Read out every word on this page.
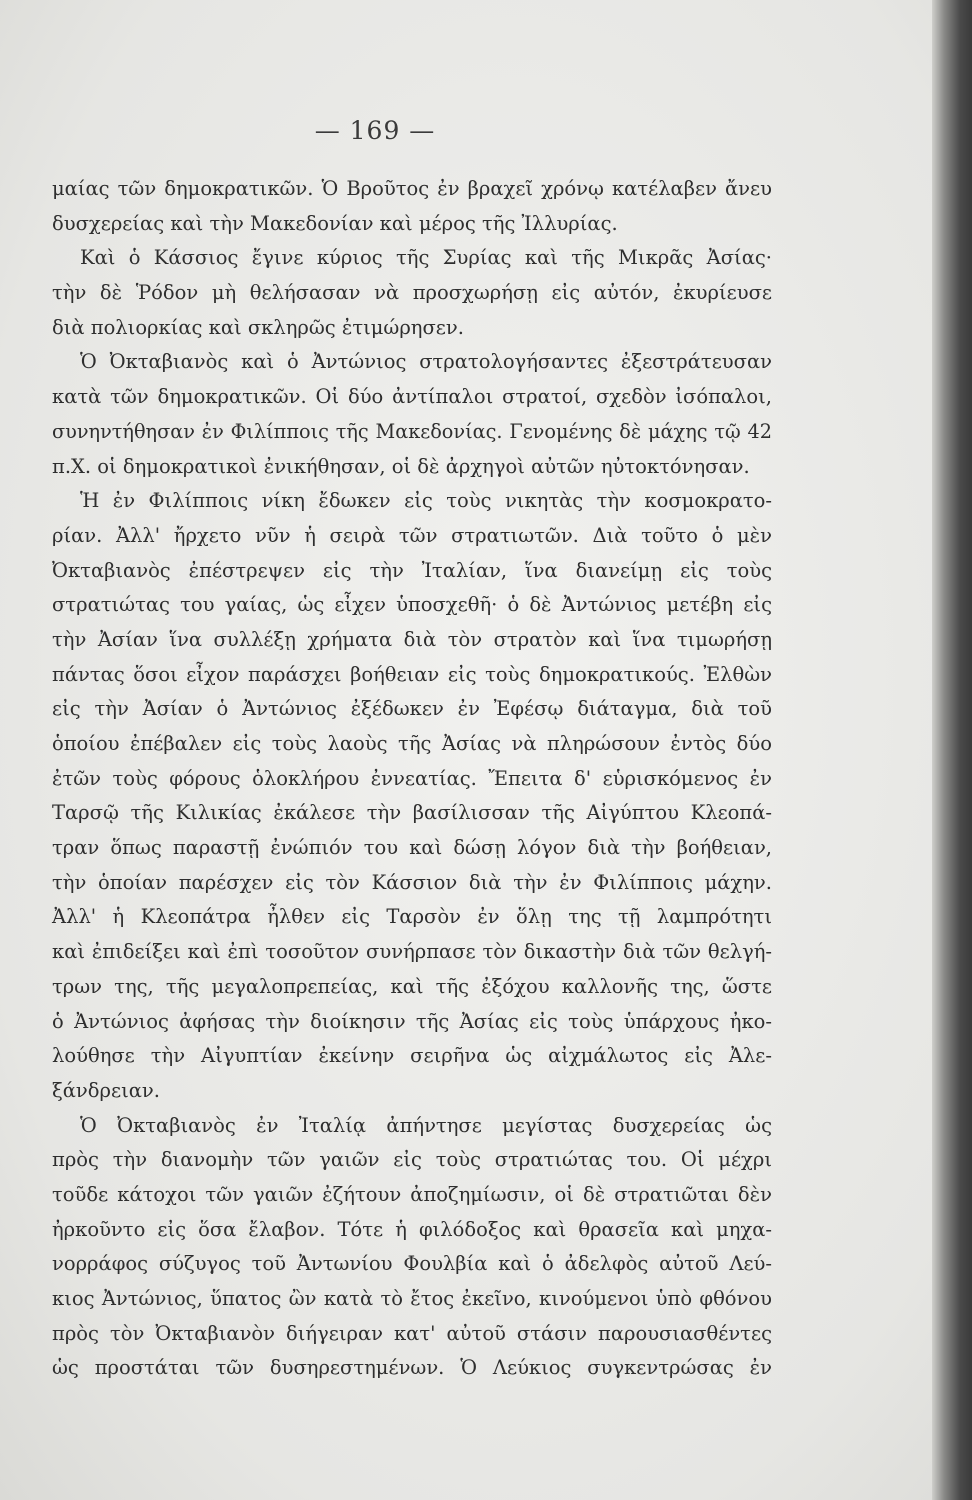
— 169 —
μαίας τῶν δημοκρατικῶν. Ὁ Βροῦτος ἐν βραχεῖ χρόνῳ κατέλαβεν ἄνευ
δυσχερείας καὶ τὴν Μακεδονίαν καὶ μέρος τῆς Ἰλλυρίας.
Καὶ ὁ Κάσσιος ἔγινε κύριος τῆς Συρίας καὶ τῆς Μικρᾶς Ἀσίας·
τὴν δὲ Ῥόδον μὴ θελήσασαν νὰ προσχωρήσῃ εἰς αὐτόν, ἐκυρίευσε
διὰ πολιορκίας καὶ σκληρῶς ἐτιμώρησεν.
Ὁ Ὀκταβιανὸς καὶ ὁ Ἀντώνιος στρατολογήσαντες ἐξεστράτευσαν
κατὰ τῶν δημοκρατικῶν. Οἱ δύο ἀντίπαλοι στρατοί, σχεδὸν ἰσόπαλοι,
συνηντήθησαν ἐν Φιλίπποις τῆς Μακεδονίας. Γενομένης δὲ μάχης τῷ 42
π.Χ. οἱ δημοκρατικοὶ ἐνικήθησαν, οἱ δὲ ἀρχηγοὶ αὐτῶν ηὐτοκτόνησαν.
Ἡ ἐν Φιλίπποις νίκη ἔδωκεν εἰς τοὺς νικητὰς τὴν κοσμοκρατο-
ρίαν. Ἀλλ' ἤρχετο νῦν ἡ σειρὰ τῶν στρατιωτῶν. Διὰ τοῦτο ὁ μὲν
Ὀκταβιανὸς ἐπέστρεψεν εἰς τὴν Ἰταλίαν, ἵνα διανείμῃ εἰς τοὺς
στρατιώτας του γαίας, ὡς εἶχεν ὑποσχεθῆ· ὁ δὲ Ἀντώνιος μετέβη εἰς
τὴν Ἀσίαν ἵνα συλλέξῃ χρήματα διὰ τὸν στρατὸν καὶ ἵνα τιμωρήσῃ
πάντας ὅσοι εἶχον παράσχει βοήθειαν εἰς τοὺς δημοκρατικούς. Ἐλθὼν
εἰς τὴν Ἀσίαν ὁ Ἀντώνιος ἐξέδωκεν ἐν Ἐφέσῳ διάταγμα, διὰ τοῦ
ὁποίου ἐπέβαλεν εἰς τοὺς λαοὺς τῆς Ἀσίας νὰ πληρώσουν ἐντὸς δύο
ἐτῶν τοὺς φόρους ὁλοκλήρου ἐννεατίας. Ἔπειτα δ' εὑρισκόμενος ἐν
Ταρσῷ τῆς Κιλικίας ἐκάλεσε τὴν βασίλισσαν τῆς Αἰγύπτου Κλεοπά-
τραν ὅπως παραστῇ ἐνώπιόν του καὶ δώσῃ λόγον διὰ τὴν βοήθειαν,
τὴν ὁποίαν παρέσχεν εἰς τὸν Κάσσιον διὰ τὴν ἐν Φιλίπποις μάχην.
Ἀλλ' ἡ Κλεοπάτρα ἦλθεν εἰς Ταρσὸν ἐν ὅλῃ της τῇ λαμπρότητι
καὶ ἐπιδείξει καὶ ἐπὶ τοσοῦτον συνήρπασε τὸν δικαστὴν διὰ τῶν θελγή-
τρων της, τῆς μεγαλοπρεπείας, καὶ τῆς ἐξόχου καλλονῆς της, ὥστε
ὁ Ἀντώνιος ἀφήσας τὴν διοίκησιν τῆς Ἀσίας εἰς τοὺς ὑπάρχους ἠκο-
λούθησε τὴν Αἰγυπτίαν ἐκείνην σειρῆνα ὡς αἰχμάλωτος εἰς Ἀλε-
ξάνδρειαν.
Ὁ Ὀκταβιανὸς ἐν Ἰταλίᾳ ἀπήντησε μεγίστας δυσχερείας ὡς
πρὸς τὴν διανομὴν τῶν γαιῶν εἰς τοὺς στρατιώτας του. Οἱ μέχρι
τοῦδε κάτοχοι τῶν γαιῶν ἐζήτουν ἀποζημίωσιν, οἱ δὲ στρατιῶται δὲν
ἠρκοῦντο εἰς ὅσα ἔλαβον. Τότε ἡ φιλόδοξος καὶ θρασεῖα καὶ μηχα-
νορράφος σύζυγος τοῦ Ἀντωνίου Φουλβία καὶ ὁ ἀδελφὸς αὐτοῦ Λεύ-
κιος Ἀντώνιος, ὕπατος ὢν κατὰ τὸ ἔτος ἐκεῖνο, κινούμενοι ὑπὸ φθόνου
πρὸς τὸν Ὀκταβιανὸν διήγειραν κατ' αὐτοῦ στάσιν παρουσιασθέντες
ὡς προστάται τῶν δυσηρεστημένων. Ὁ Λεύκιος συγκεντρώσας ἐν
